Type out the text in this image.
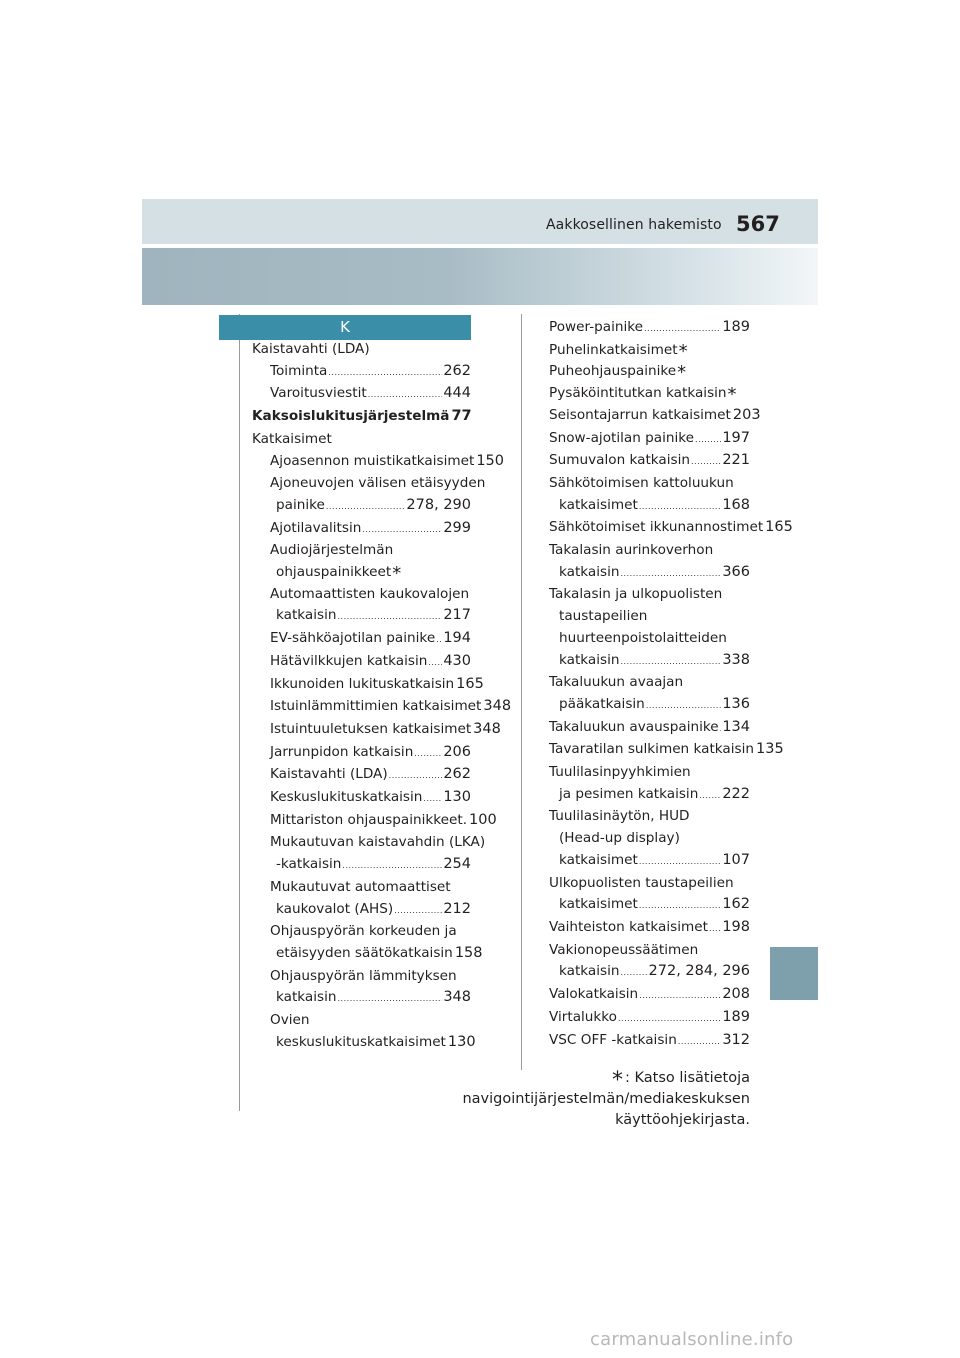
Aakkosellinen hakemisto 567
K
Kaistavahti (LDA)
Toiminta .....	262
Varoitusviestit .....	444
Kaksoislukitusjärjestelmä 77
Katkaisimet
Ajoasennon muistikatkaisimet 150
Ajoneuvojen välisen etäisyyden
painike .....	278, 290
Ajotilavalitsin .....	299
Audiojärjestelmän
ohjauspainikkeet*
Automaattisten kaukovalojen
katkaisin .....	217
EV-sähköajotilan painike ..... 194
Hätävilkkujen katkaisin ..... 430
Ikkunoiden lukituskatkaisin 165
Istuinlämmittimien katkaisimet 348
Istuintuuletuksen katkaisimet 348
Jarrunpidon katkaisin ..... 206
Kaistavahti (LDA) .....	262
Keskuslukituskatkaisin ..... 130
Mittariston ohjauspainikkeet. 100
Mukautuvan kaistavahdin (LKA)
-katkaisin .....	254
Mukautuvat automaattiset
kaukovalot (AHS) .....	212
Ohjauspyörän korkeuden ja
etäisyyden säätökatkaisin 158
Ohjauspyörän lämmityksen
katkaisin .....	348
Ovien
keskuslukituskatkaisimet 130
Power-painike .....	189
Puhelinkatkaisimet*
Puheohjauspainike*
Pysäköintitutkan katkaisin*
Seisontajarrun katkaisimet 203
Snow-ajotilan painike ..... 197
Sumuvalon katkaisin ..... 221
Sähkötoimisen kattoluukun
katkaisimet .....	168
Sähkötoimiset ikkunannostimet 165
Takalasin aurinkoverhon
katkaisin .....	366
Takalasin ja ulkopuolisten
taustapeilien
huurteenpoistolaitteiden
katkaisin .....	338
Takaluukun avaajan
pääkatkaisin .....	136
Takaluukun avauspainike ..... 134
Tavaratilan sulkimen katkaisin 135
Tuulilasinpyyhkimien
ja pesimen katkaisin ..... 222
Tuulilasinäytön, HUD
(Head-up display)
katkaisimet .....	107
Ulkopuolisten taustapeilien
katkaisimet .....	162
Vaihteiston katkaisimet ..... 198
Vakionopeussäätimen
katkaisin ..... 272, 284, 296
Valokatkaisin .....	208
Virtalukko .....	189
VSC OFF -katkaisin .....	312
* : Katso lisätietoja navigointijärjestelmän/mediakeskuksen
käyttöohjekirjasta.
carmanualsonline.info
